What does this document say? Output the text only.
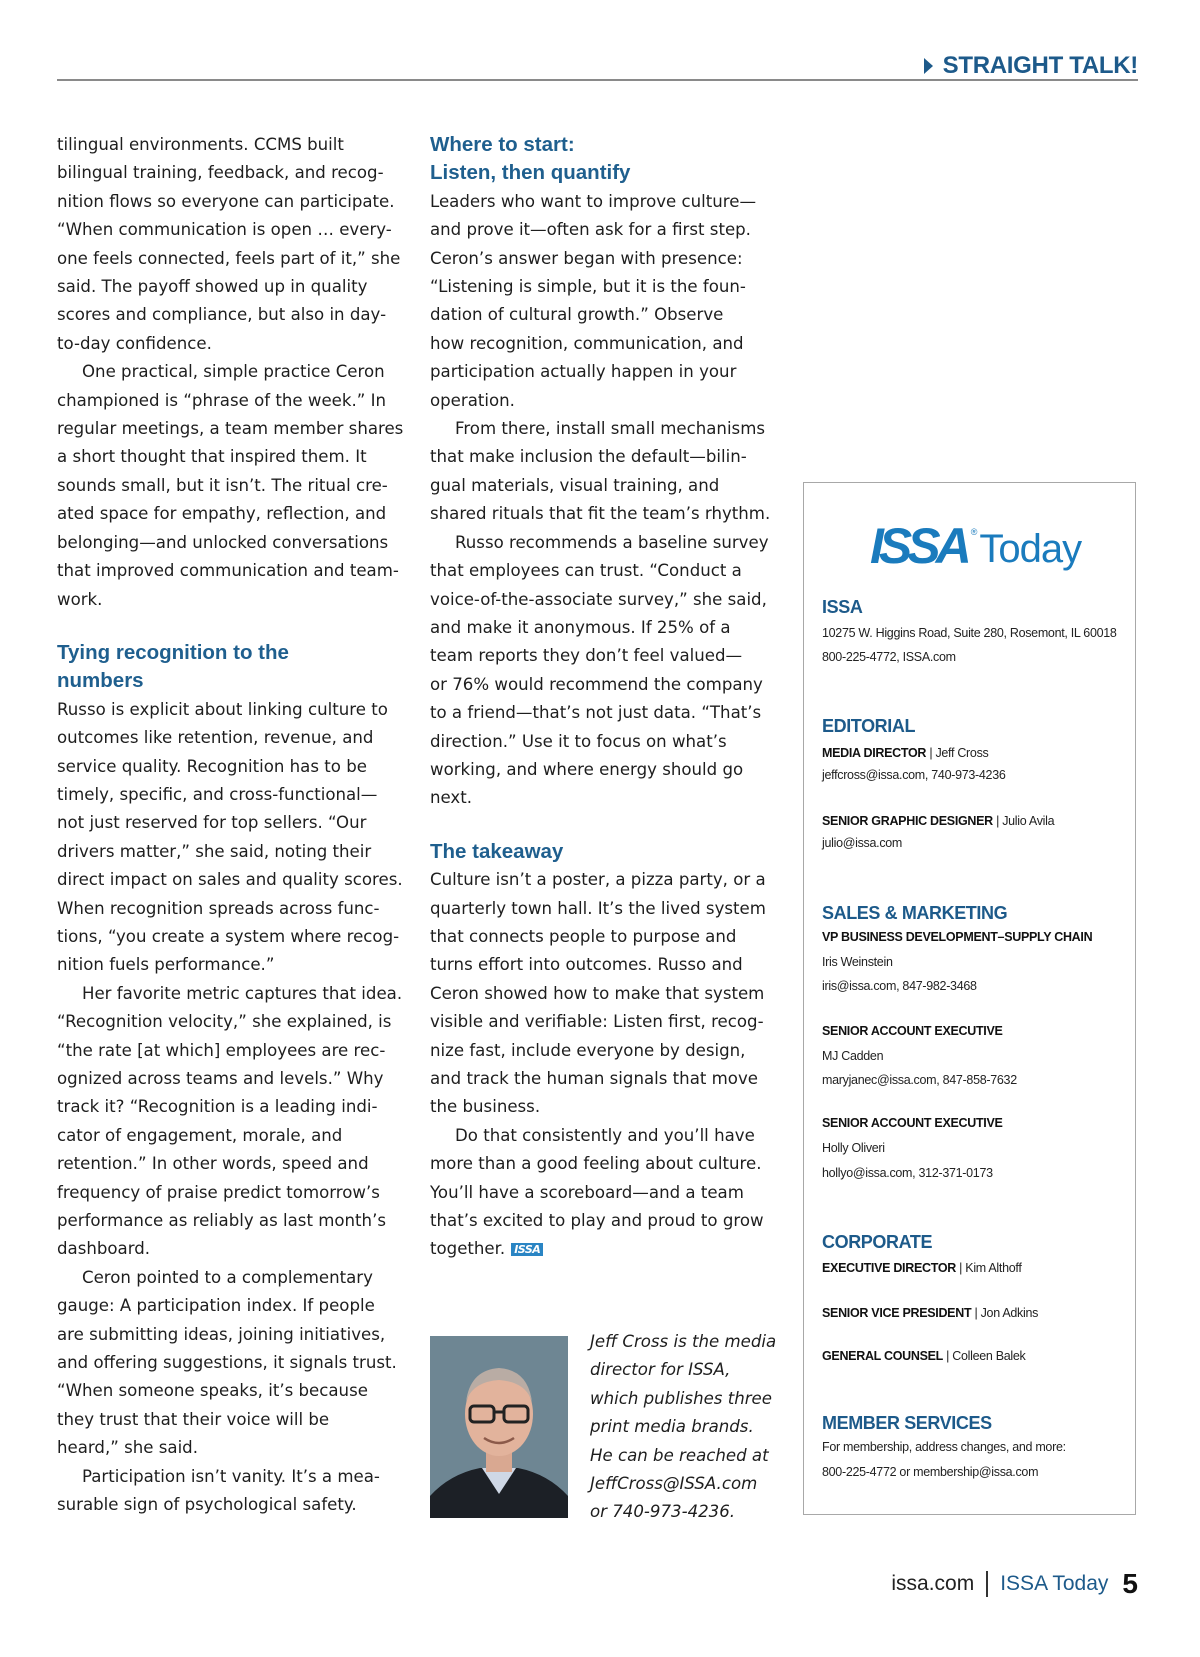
STRAIGHT TALK!
tilingual environments. CCMS built
bilingual training, feedback, and recog-
nition flows so everyone can participate.
“When communication is open … every-
one feels connected, feels part of it,” she
said. The payoff showed up in quality
scores and compliance, but also in day-
to-day confidence.
One practical, simple practice Ceron
championed is “phrase of the week.” In
regular meetings, a team member shares
a short thought that inspired them. It
sounds small, but it isn’t. The ritual cre-
ated space for empathy, reflection, and
belonging—and unlocked conversations
that improved communication and team-
work.
Tying recognition to the
numbers
Russo is explicit about linking culture to
outcomes like retention, revenue, and
service quality. Recognition has to be
timely, specific, and cross-functional—
not just reserved for top sellers. “Our
drivers matter,” she said, noting their
direct impact on sales and quality scores.
When recognition spreads across func-
tions, “you create a system where recog-
nition fuels performance.”
Her favorite metric captures that idea.
“Recognition velocity,” she explained, is
“the rate [at which] employees are rec-
ognized across teams and levels.” Why
track it? “Recognition is a leading indi-
cator of engagement, morale, and
retention.” In other words, speed and
frequency of praise predict tomorrow’s
performance as reliably as last month’s
dashboard.
Ceron pointed to a complementary
gauge: A participation index. If people
are submitting ideas, joining initiatives,
and offering suggestions, it signals trust.
“When someone speaks, it’s because
they trust that their voice will be
heard,” she said.
Participation isn’t vanity. It’s a mea-
surable sign of psychological safety.
Where to start:
Listen, then quantify
Leaders who want to improve culture—
and prove it—often ask for a first step.
Ceron’s answer began with presence:
“Listening is simple, but it is the foun-
dation of cultural growth.” Observe
how recognition, communication, and
participation actually happen in your
operation.
From there, install small mechanisms
that make inclusion the default—bilin-
gual materials, visual training, and
shared rituals that fit the team’s rhythm.
Russo recommends a baseline survey
that employees can trust. “Conduct a
voice-of-the-associate survey,” she said,
and make it anonymous. If 25% of a
team reports they don’t feel valued—
or 76% would recommend the company
to a friend—that’s not just data. “That’s
direction.” Use it to focus on what’s
working, and where energy should go
next.
The takeaway
Culture isn’t a poster, a pizza party, or a
quarterly town hall. It’s the lived system
that connects people to purpose and
turns effort into outcomes. Russo and
Ceron showed how to make that system
visible and verifiable: Listen first, recog-
nize fast, include everyone by design,
and track the human signals that move
the business.
Do that consistently and you’ll have
more than a good feeling about culture.
You’ll have a scoreboard—and a team
that’s excited to play and proud to grow
together. ISSA
Jeff Cross is the media
director for ISSA,
which publishes three
print media brands.
He can be reached at
JeffCross@ISSA.com
or 740-973-4236.
ISSA ® Today
ISSA
10275 W. Higgins Road, Suite 280, Rosemont, IL 60018
800-225-4772, ISSA.com
EDITORIAL
MEDIA DIRECTOR | Jeff Cross
jeffcross@issa.com, 740-973-4236
SENIOR GRAPHIC DESIGNER | Julio Avila
julio@issa.com
SALES & MARKETING
VP BUSINESS DEVELOPMENT–SUPPLY CHAIN
Iris Weinstein
iris@issa.com, 847-982-3468
SENIOR ACCOUNT EXECUTIVE
MJ Cadden
maryjanec@issa.com, 847-858-7632
SENIOR ACCOUNT EXECUTIVE
Holly Oliveri
hollyo@issa.com, 312-371-0173
CORPORATE
EXECUTIVE DIRECTOR | Kim Althoff
SENIOR VICE PRESIDENT | Jon Adkins
GENERAL COUNSEL | Colleen Balek
MEMBER SERVICES
For membership, address changes, and more:
800-225-4772 or membership@issa.com
issa.com ISSA Today 5
